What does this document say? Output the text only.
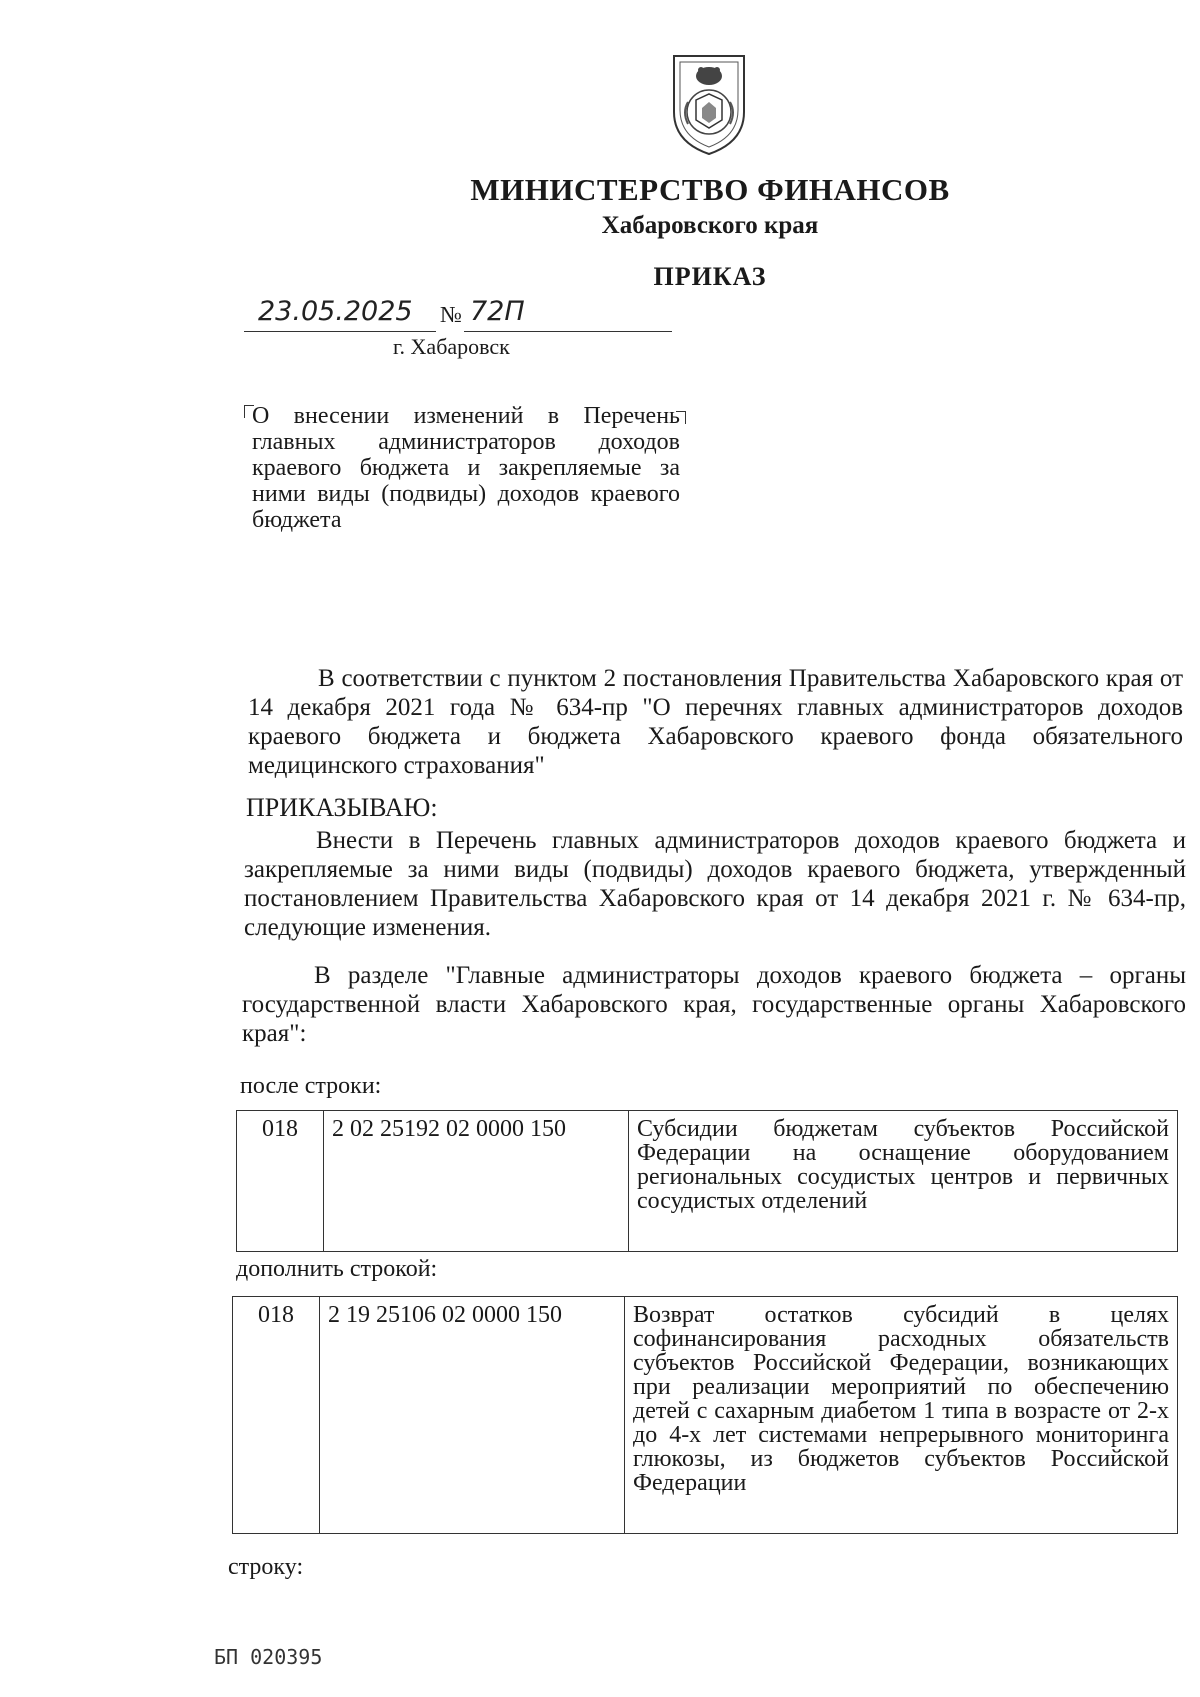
МИНИСТЕРСТВО ФИНАНСОВ
Хабаровского края
ПРИКАЗ
23.05.2025 № 72П
г. Хабаровск
О внесении изменений в Перечень главных администраторов доходов краевого бюджета и закрепляемые за ними виды (подвиды) доходов краевого бюджета
В соответствии с пунктом 2 постановления Правительства Хабаровского края от 14 декабря 2021 года № 634-пр "О перечнях главных администраторов доходов краевого бюджета и бюджета Хабаровского краевого фонда обязательного медицинского страхования"
ПРИКАЗЫВАЮ:
Внести в Перечень главных администраторов доходов краевого бюджета и закрепляемые за ними виды (подвиды) доходов краевого бюджета, утвержденный постановлением Правительства Хабаровского края от 14 декабря 2021 г. № 634-пр, следующие изменения.
В разделе "Главные администраторы доходов краевого бюджета – органы государственной власти Хабаровского края, государственные органы Хабаровского края":
после строки:
018	2 02 25192 02 0000 150	Субсидии бюджетам субъектов Российской Федерации на оснащение оборудованием региональных сосудистых центров и первичных сосудистых отделений
дополнить строкой:
018	2 19 25106 02 0000 150	Возврат остатков субсидий в целях софинансирования расходных обязательств субъектов Российской Федерации, возникающих при реализации мероприятий по обеспечению детей с сахарным диабетом 1 типа в возрасте от 2-х до 4-х лет системами непрерывного мониторинга глюкозы, из бюджетов субъектов Российской Федерации
строку:
БП 020395
